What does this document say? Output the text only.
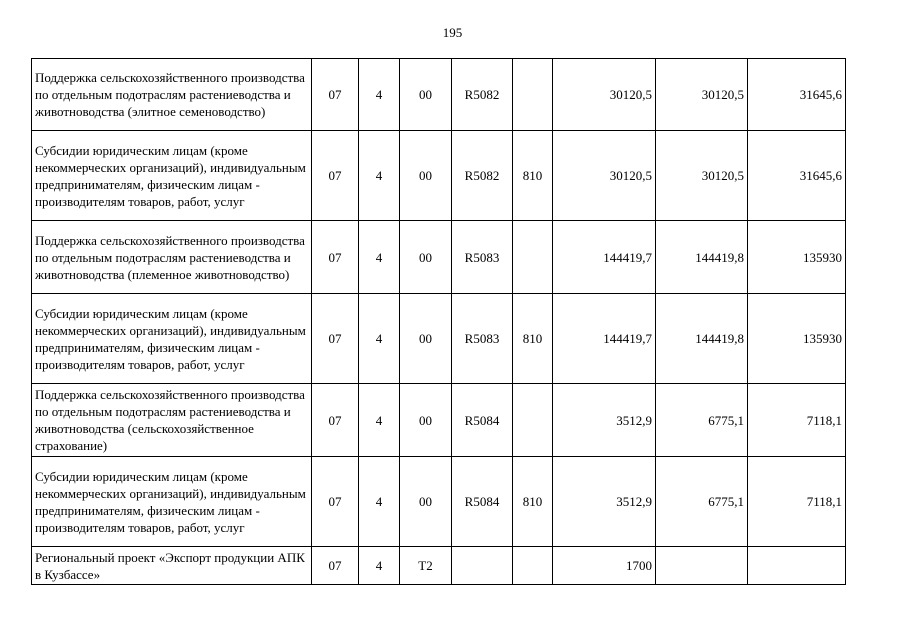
195
Поддержка сельскохозяйственного производства по отдельным подотраслям растениеводства и животноводства (элитное семеноводство)	07	4	00	R5082		30120,5	30120,5	31645,6
Субсидии юридическим лицам (кроме некоммерческих организаций), индивидуальным предпринимателям, физическим лицам - производителям товаров, работ, услуг	07	4	00	R5082	810	30120,5	30120,5	31645,6
Поддержка сельскохозяйственного производства по отдельным подотраслям растениеводства и животноводства (племенное животноводство)	07	4	00	R5083		144419,7	144419,8	135930
Субсидии юридическим лицам (кроме некоммерческих организаций), индивидуальным предпринимателям, физическим лицам - производителям товаров, работ, услуг	07	4	00	R5083	810	144419,7	144419,8	135930
Поддержка сельскохозяйственного производства по отдельным подотраслям растениеводства и животноводства (сельскохозяйственное страхование)	07	4	00	R5084		3512,9	6775,1	7118,1
Субсидии юридическим лицам (кроме некоммерческих организаций), индивидуальным предпринимателям, физическим лицам - производителям товаров, работ, услуг	07	4	00	R5084	810	3512,9	6775,1	7118,1
Региональный проект «Экспорт продукции АПК в Кузбассе»	07	4	T2			1700		
